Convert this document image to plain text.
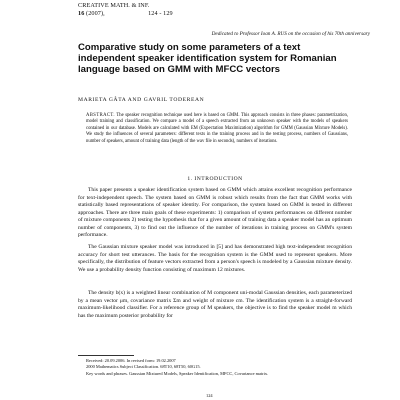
CREATIVE MATH. & INF.
16 (2007),	124 - 129
Dedicated to Professor Ioan A. RUS on the occasion of his 70th anniversary
Comparative study on some parameters of a text independent speaker identification system for Romanian language based on GMM with MFCC vectors
MARIETA GÂTA AND GAVRIL TODEREAN
ABSTRACT. The speaker recognition technique used here is based on GMM. This approach consists in three phases: parametrization, model training and classification. We compare a model of a speech extracted from an unknown speaker with the models of speakers contained in our database. Models are calculated with EM (Expectation Maximization) algorithm for GMM (Gaussian Mixture Models). We study the influences of several parameters: different texts in the training process and in the testing process, numbers of Gaussians, number of speakers, amount of training data (length of the wav file in seconds), numbers of iterations.
1. INTRODUCTION
This paper presents a speaker identification system based on GMM which attains excellent recognition performance for text-independent speech. The system based on GMM is robust which results from the fact that GMM works with statistically based representations of speaker identity. For comparison, the system based on GMM is tested in different approaches. There are three main goals of these experiments: 1) comparison of system performances on different number of mixture components 2) testing the hypothesis that for a given amount of training data a speaker model has an optimum number of components, 3) to find out the influence of the number of iterations in training process on GMM's system performance.
The Gaussian mixture speaker model was introduced in [5] and has demonstrated high text-independent recognition accuracy for short test utterances. The basis for the recognition system is the GMM used to represent speakers. More specifically, the distribution of feature vectors extracted from a person's speech is modeled by a Gaussian mixture density. We use a probability density function consisting of maximum 12 mixtures.
The density b(x) is a weighted linear combination of M component uni-modal Gaussian densities, each parameterized by a mean vector μm, covariance matrix Σm and weight of mixture cm. The identification system is a straight-forward maximum-likelihood classifier. For a reference group of M speakers, the objective is to find the speaker model m which has the maximum posterior probability for
Received: 20.09.2006. In revised form: 19.02.2007
2000 Mathematics Subject Classification. 68T10, 68T50, 60G15.
Key words and phrases. Gaussian Mixtured Models, Speaker Identification, MFCC, Covariance matrix.
124
